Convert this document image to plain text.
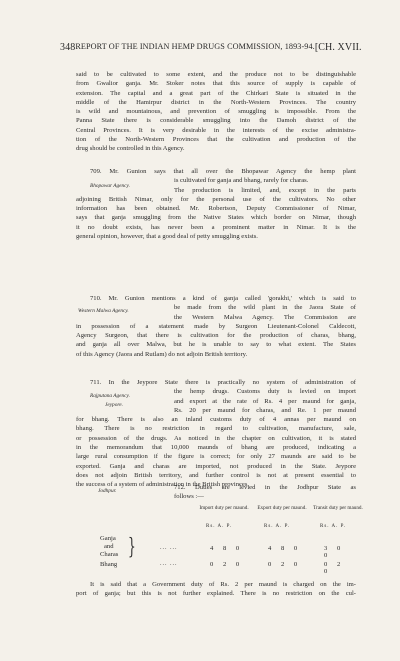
348 REPORT OF THE INDIAN HEMP DRUGS COMMISSION, 1893-94. [CH. XVII.
said to be cultivated to some extent, and the produce not to be distinguishable
from Gwalior ganja. Mr. Stoker notes that this source of supply is capable of
extension. The capital and a great part of the Chirkari State is situated in the
middle of the Hamirpur district in the North-Western Provinces. The country
is wild and mountainous, and prevention of smuggling is impossible. From the
Panna State there is considerable smuggling into the Damoh district of the
Central Provinces. It is very desirable in the interests of the excise administra-
tion of the North-Western Provinces that the cultivation and production of the
drug should be controlled in this Agency.
Bhopawar Agency.
709. Mr. Gunion says that all over the Bhopawar Agency the hemp plant
is cultivated for ganja and bhang, rarely for charas.
The production is limited, and, except in the parts
adjoining British Nimar, only for the personal use of the cultivators. No other
information has been obtained. Mr. Robertson, Deputy Commissioner of Nimar,
says that ganja smuggling from the Native States which border on Nimar, though
it no doubt exists, has never been a prominent matter in Nimar. It is the
general opinion, however, that a good deal of petty smuggling exists.
Western Malwa Agency.
710. Mr. Gunion mentions a kind of ganja called 'gorakhi,' which is said to
be made from the wild plant in the Jaora State of
the Western Malwa Agency. The Commission are
in possession of a statement made by Surgeon Lieutenant-Colonel Caldecott,
Agency Surgeon, that there is cultivation for the production of charas, bhang,
and ganja all over Malwa, but he is unable to say to what extent. The States
of this Agency (Jaora and Rutlam) do not adjoin British territory.
Rajputana Agency.
Jeypore.
711. In the Jeypore State there is practically no system of administration of
the hemp drugs. Customs duty is levied on import
and export at the rate of Rs. 4 per maund for ganja,
Rs. 20 per maund for charas, and Re. 1 per maund
for bhang. There is also an inland customs duty of 4 annas per maund on
bhang. There is no restriction in regard to cultivation, manufacture, sale,
or possession of the drugs. As noticed in the chapter on cultivation, it is stated
in the memorandum that 10,000 maunds of bhang are produced, indicating a
large rural consumption if the figure is correct; for only 27 maunds are said to be
exported. Ganja and charas are imported, not produced in the State. Jeypore
does not adjoin British territory, and further control is not at present essential to
the success of a system of administration in the British provinces.
Jodhpur.	712. Duties are levied in the Jodhpur State as
follows :—
Import duty per maund. Export duty per maund. Transit duty per maund.
Rs. A. P.	Rs. A. P.	Rs. A. P.
Ganja
and
Charas }	... ...	4 8 0	4 8 0	3 0 0
Bhang	... ...	0 2 0	0 2 0	0 2 0
It is said that a Government duty of Rs. 2 per maund is charged on the im-
port of ganja; but this is not further explained. There is no restriction on the cul-
